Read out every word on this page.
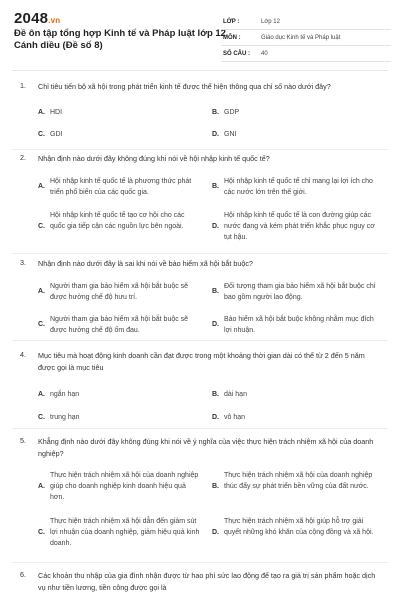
2048.vn
Đề ôn tập tổng hợp Kinh tế và Pháp luật lớp 12 Cánh diều (Đề số 8)
LỚP :	Lớp 12
MÔN :	Giáo dục Kinh tế và Pháp luật
SỐ CÂU :	40
1. Chỉ tiêu tiến bộ xã hội trong phát triển kinh tế được thể hiện thông qua chỉ số nào dưới đây?
A. HDI	B. GDP
C. GDI	D. GNI
2. Nhận định nào dưới đây không đúng khi nói về hội nhập kinh tế quốc tế?
A.
Hội nhập kinh tế quốc tế là phương thức phát triển phổ biến của các quốc gia.
B.
Hội nhập kinh tế quốc tế chỉ mang lại lợi ích cho các nước lớn trên thế giới.
C.
Hội nhập kinh tế quốc tế tạo cơ hội cho các quốc gia tiếp cận các nguồn lực bên ngoài.	D.
Hội nhập kinh tế quốc tế là con đường giúp các nước đang và kém phát triển khắc phục nguy cơ tụt hậu.
3. Nhận định nào dưới đây là sai khi nói về bảo hiểm xã hội bắt buộc?
A.
Người tham gia bảo hiểm xã hội bắt buộc sẽ được hưởng chế độ hưu trí.
B.
Đối tượng tham gia bảo hiểm xã hội bắt buộc chỉ bao gồm người lao động.
C.
Người tham gia bảo hiểm xã hội bắt buộc sẽ được hưởng chế độ ốm đau.
D.
Bảo hiểm xã hội bắt buộc không nhằm mục đích lợi nhuận.
4. Mục tiêu mà hoạt động kinh doanh cần đạt được trong một khoảng thời gian dài có thể từ 2 đến 5 năm được gọi là mục tiêu
A. ngắn hạn	B. dài hạn
C. trung hạn	D. vô hạn
5. Khẳng định nào dưới đây không đúng khi nói về ý nghĩa của việc thực hiện trách nhiệm xã hội của doanh nghiệp?
A.
Thực hiện trách nhiệm xã hội của doanh nghiệp giúp cho doanh nghiệp kinh doanh hiệu quả hơn.
B.
Thực hiện trách nhiệm xã hội của doanh nghiệp thúc đẩy sự phát triển bền vững của đất nước.
C.
Thực hiện trách nhiệm xã hội dẫn đến giảm sút lợi nhuận của doanh nghiệp, giảm hiệu quả kinh doanh.
D.
Thực hiện trách nhiệm xã hội giúp hỗ trợ giải quyết những khó khăn của cộng đồng và xã hội.
6. Các khoản thu nhập của gia đình nhận được từ hao phí sức lao động để tạo ra giá trị sản phẩm hoặc dịch vụ như tiền lương, tiền công được gọi là
